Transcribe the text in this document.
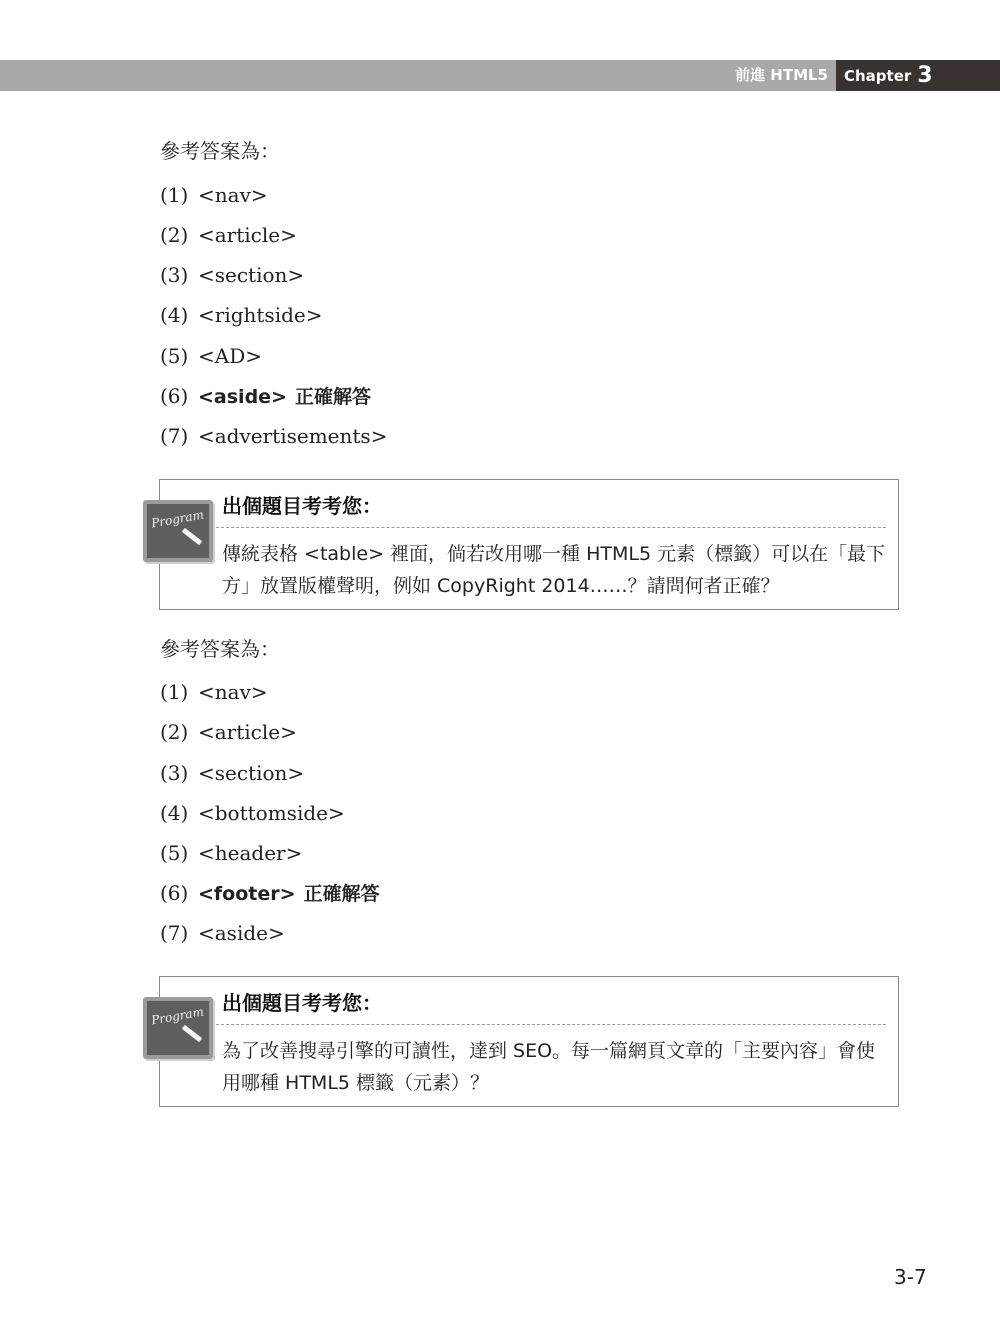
前進 HTML5 Chapter 3
參考答案為：
(1) <nav>
(2) <article>
(3) <section>
(4) <rightside>
(5) <AD>
(6) <aside> 正確解答
(7) <advertisements>
Program
出個題目考考您：
傳統表格 <table> 裡面，倘若改用哪一種 HTML5 元素（標籤）可以在「最下方」放置版權聲明，例如 CopyRight 2014……？請問何者正確？
參考答案為：
(1) <nav>
(2) <article>
(3) <section>
(4) <bottomside>
(5) <header>
(6) <footer> 正確解答
(7) <aside>
Program
出個題目考考您：
為了改善搜尋引擎的可讀性，達到 SEO。每一篇網頁文章的「主要內容」會使用哪種 HTML5 標籤（元素）？
3-7
